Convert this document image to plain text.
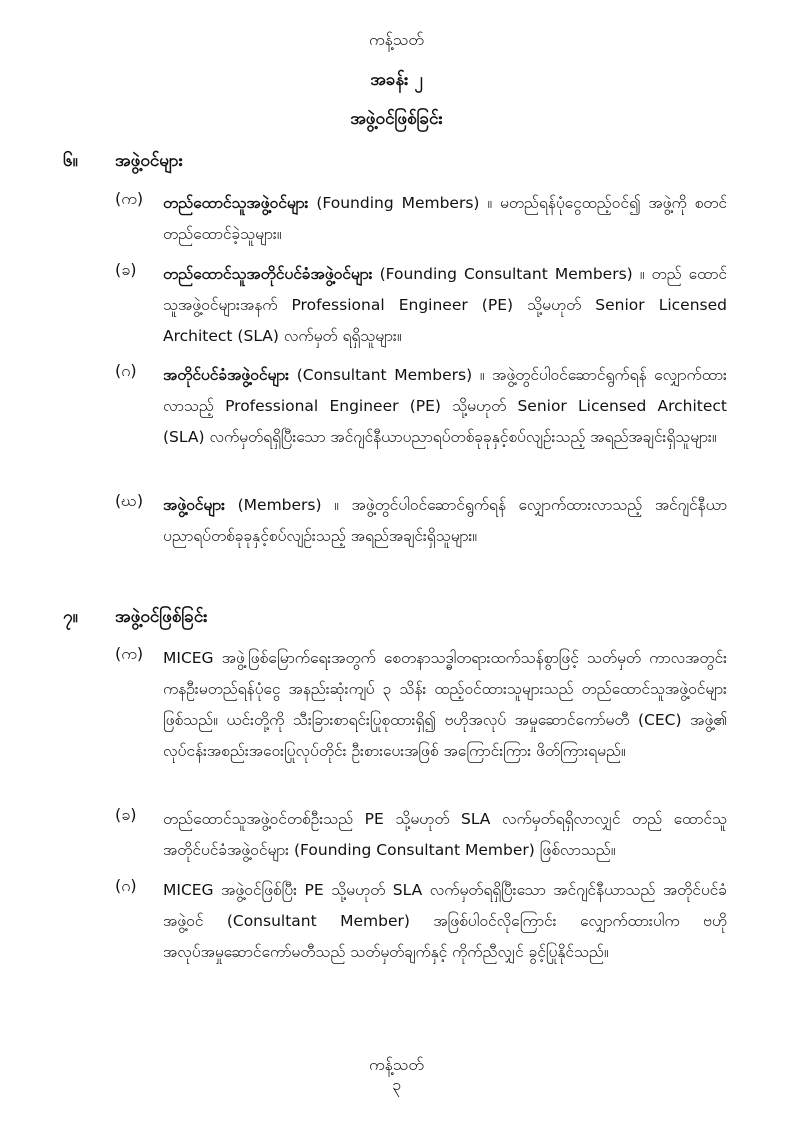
ကန့်သတ်
အခန်း ၂
အဖွဲ့ဝင်ဖြစ်ခြင်း
၆။	အဖွဲ့ဝင်များ
(က)	တည်ထောင်သူအဖွဲ့ဝင်များ (Founding Members) ။ မတည်ရန်ပုံငွေထည့်ဝင်၍ အဖွဲ့ကို စတင် တည်ထောင်ခဲ့သူများ။
(ခ)	တည်ထောင်သူအတိုင်ပင်ခံအဖွဲ့ဝင်များ (Founding Consultant Members) ။ တည် ထောင်သူအဖွဲ့ဝင်များအနက် Professional Engineer (PE) သို့မဟုတ် Senior Licensed Architect (SLA) လက်မှတ် ရရှိသူများ။
(ဂ)	အတိုင်ပင်ခံအဖွဲ့ဝင်များ (Consultant Members) ။ အဖွဲ့တွင်ပါဝင်ဆောင်ရွက်ရန် လျှောက်ထားလာသည့် Professional Engineer (PE) သို့မဟုတ် Senior Licensed Architect (SLA) လက်မှတ်ရရှိပြီးသော အင်ဂျင်နီယာပညာရပ်တစ်ခုခုနှင့်စပ်လျဉ်းသည့် အရည်အချင်းရှိသူများ။
(ဃ)	အဖွဲ့ဝင်များ (Members) ။ အဖွဲ့တွင်ပါဝင်ဆောင်ရွက်ရန် လျှောက်ထားလာသည့် အင်ဂျင်နီယာပညာရပ်တစ်ခုခုနှင့်စပ်လျဉ်းသည့် အရည်အချင်းရှိသူများ။
၇။	အဖွဲ့ဝင်ဖြစ်ခြင်း
(က)	MICEG အဖွဲ့ဖြစ်မြောက်ရေးအတွက် စေတနာသဒ္ဓါတရားထက်သန်စွာဖြင့် သတ်မှတ် ကာလအတွင်း ကနဦးမတည်ရန်ပုံငွေ အနည်းဆုံးကျပ် ၃ သိန်း ထည့်ဝင်ထားသူများသည် တည်ထောင်သူအဖွဲ့ဝင်များဖြစ်သည်။ ယင်းတို့ကို သီးခြားစာရင်းပြုစုထားရှိ၍ ဗဟိုအလုပ် အမှုဆောင်ကော်မတီ (CEC) အဖွဲ့၏ လုပ်ငန်းအစည်းအဝေးပြုလုပ်တိုင်း ဦးစားပေးအဖြစ် အကြောင်းကြား ဖိတ်ကြားရမည်။
(ခ)	တည်ထောင်သူအဖွဲ့ဝင်တစ်ဦးသည် PE သို့မဟုတ် SLA လက်မှတ်ရရှိလာလျှင် တည် ထောင်သူအတိုင်ပင်ခံအဖွဲ့ဝင်များ (Founding Consultant Member) ဖြစ်လာသည်။
(ဂ)	MICEG အဖွဲ့ဝင်ဖြစ်ပြီး PE သို့မဟုတ် SLA လက်မှတ်ရရှိပြီးသော အင်ဂျင်နီယာသည် အတိုင်ပင်ခံအဖွဲ့ဝင် (Consultant Member) အဖြစ်ပါဝင်လိုကြောင်း လျှောက်ထားပါက ဗဟိုအလုပ်အမှုဆောင်ကော်မတီသည် သတ်မှတ်ချက်နှင့် ကိုက်ညီလျှင် ခွင့်ပြုနိုင်သည်။
ကန့်သတ်
၃
